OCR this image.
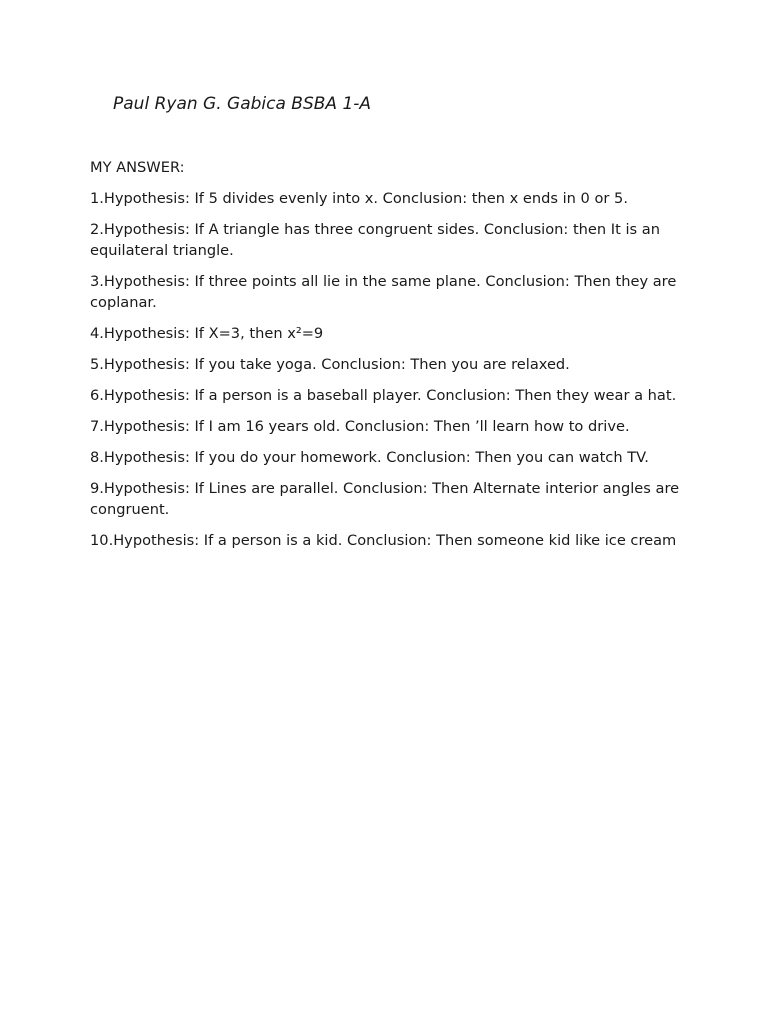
Paul Ryan G. Gabica BSBA 1-A

MY ANSWER:

1.Hypothesis: If 5 divides evenly into x. Conclusion: then x ends in 0 or 5.

2.Hypothesis: If A triangle has three congruent sides. Conclusion: then It is an equilateral triangle.

3.Hypothesis: If three points all lie in the same plane. Conclusion: Then they are coplanar.

4.Hypothesis: If X=3, then x²=9

5.Hypothesis: If you take yoga. Conclusion: Then you are relaxed.

6.Hypothesis: If a person is a baseball player. Conclusion: Then they wear a hat.

7.Hypothesis: If I am 16 years old. Conclusion: Then ’ll learn how to drive.

8.Hypothesis: If you do your homework. Conclusion: Then you can watch TV.

9.Hypothesis: If Lines are parallel. Conclusion: Then Alternate interior angles are congruent.

10.Hypothesis: If a person is a kid. Conclusion: Then someone kid like ice cream
